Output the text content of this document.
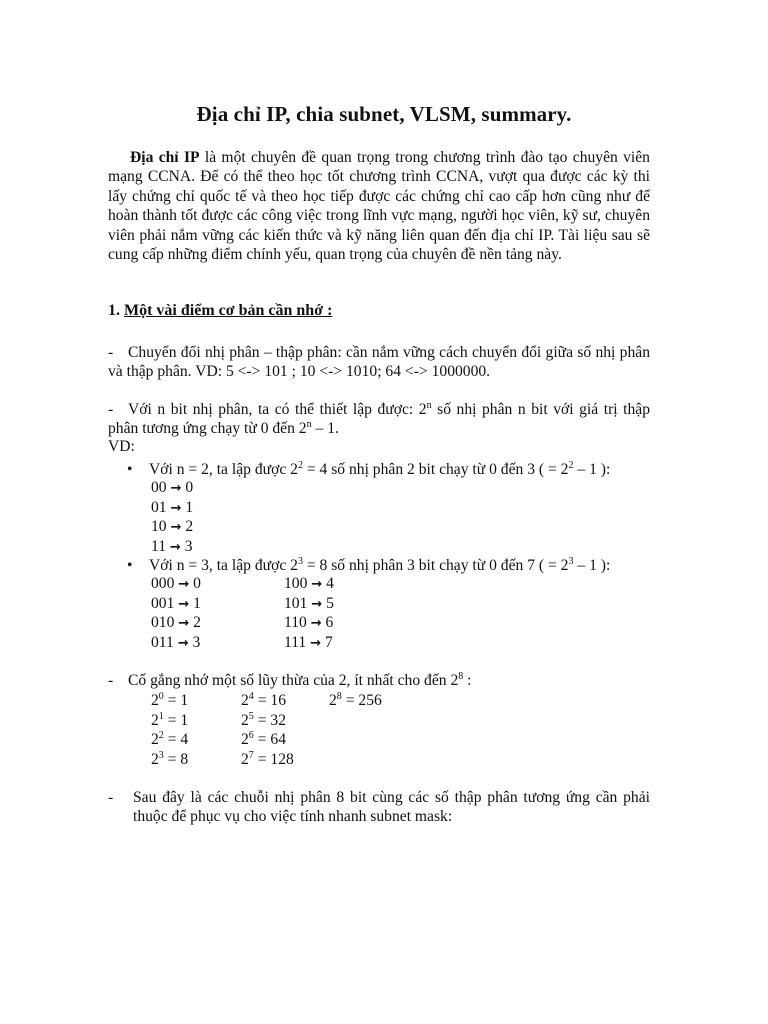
Địa chỉ IP, chia subnet, VLSM, summary.
Địa chỉ IP là một chuyên đề quan trọng trong chương trình đào tạo chuyên viên mạng CCNA. Để có thể theo học tốt chương trình CCNA, vượt qua được các kỳ thi lấy chứng chỉ quốc tế và theo học tiếp được các chứng chỉ cao cấp hơn cũng như để hoàn thành tốt được các công việc trong lĩnh vực mạng, người học viên, kỹ sư, chuyên viên phải nắm vững các kiến thức và kỹ năng liên quan đến địa chỉ IP. Tài liệu sau sẽ cung cấp những điểm chính yếu, quan trọng của chuyên đề nền tảng này.
1. Một vài điểm cơ bản cần nhớ :
- Chuyển đổi nhị phân – thập phân: cần nắm vững cách chuyển đổi giữa số nhị phân và thập phân. VD: 5 <-> 101 ; 10 <-> 1010; 64 <-> 1000000.
- Với n bit nhị phân, ta có thể thiết lập được: 2$^n$ số nhị phân n bit với giá trị thập phân tương ứng chạy từ 0 đến 2$^n$ – 1.
VD:
• Với n = 2, ta lập được $2^2 = 4$ số nhị phân 2 bit chạy từ 0 đến 3 ( = $2^2 - 1$ ):
00 → 0
01 → 1
10 → 2
11 → 3
• Với n = 3, ta lập được $2^3 = 8$ số nhị phân 3 bit chạy từ 0 đến 7 ( = $2^3 - 1$ ):
000 → 0	100 → 4
001 → 1	101 → 5
010 → 2	110 → 6
011 → 3	111 → 7
- Cố gắng nhớ một số lũy thừa của 2, ít nhất cho đến $2^8$ :
$2^0 = 1$	$2^4 = 16$	$2^8 = 256$
$2^1 = 1$	$2^5 = 32$
$2^2 = 4$	$2^6 = 64$
$2^3 = 8$	$2^7 = 128$
- Sau đây là các chuỗi nhị phân 8 bit cùng các số thập phân tương ứng cần phải thuộc để phục vụ cho việc tính nhanh subnet mask:
